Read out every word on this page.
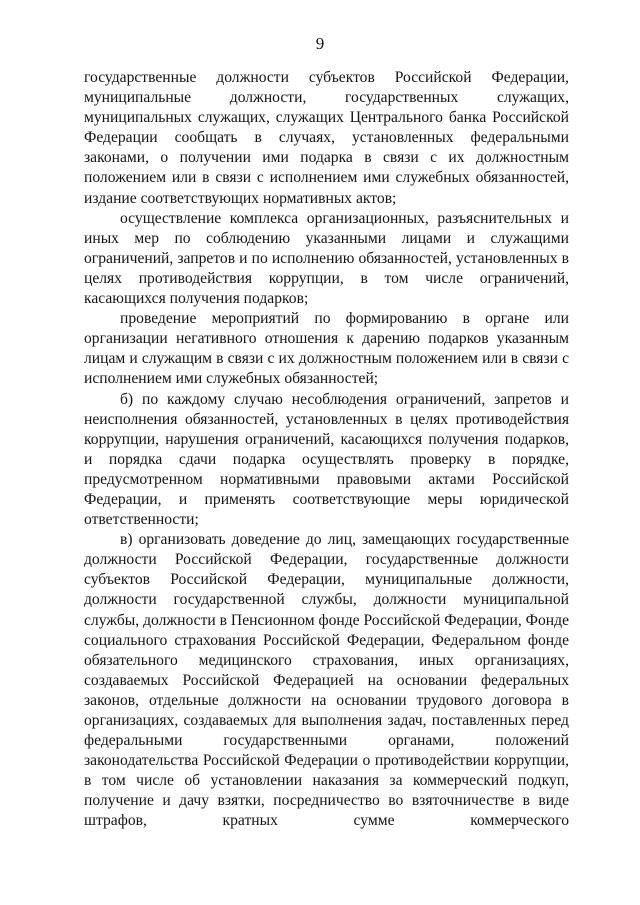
9

государственные должности субъектов Российской Федерации, муниципальные должности, государственных служащих, муниципальных служащих, служащих Центрального банка Российской Федерации сообщать в случаях, установленных федеральными законами, о получении ими подарка в связи с их должностным положением или в связи с исполнением ими служебных обязанностей, издание соответствующих нормативных актов;

осуществление комплекса организационных, разъяснительных и иных мер по соблюдению указанными лицами и служащими ограничений, запретов и по исполнению обязанностей, установленных в целях противодействия коррупции, в том числе ограничений, касающихся получения подарков;

проведение мероприятий по формированию в органе или организации негативного отношения к дарению подарков указанным лицам и служащим в связи с их должностным положением или в связи с исполнением ими служебных обязанностей;

б) по каждому случаю несоблюдения ограничений, запретов и неисполнения обязанностей, установленных в целях противодействия коррупции, нарушения ограничений, касающихся получения подарков, и порядка сдачи подарка осуществлять проверку в порядке, предусмотренном нормативными правовыми актами Российской Федерации, и применять соответствующие меры юридической ответственности;

в) организовать доведение до лиц, замещающих государственные должности Российской Федерации, государственные должности субъектов Российской Федерации, муниципальные должности, должности государственной службы, должности муниципальной службы, должности в Пенсионном фонде Российской Федерации, Фонде социального страхования Российской Федерации, Федеральном фонде обязательного медицинского страхования, иных организациях, создаваемых Российской Федерацией на основании федеральных законов, отдельные должности на основании трудового договора в организациях, создаваемых для выполнения задач, поставленных перед федеральными государственными органами, положений законодательства Российской Федерации о противодействии коррупции, в том числе об установлении наказания за коммерческий подкуп, получение и дачу взятки, посредничество во взяточничестве в виде штрафов, кратных сумме коммерческого
